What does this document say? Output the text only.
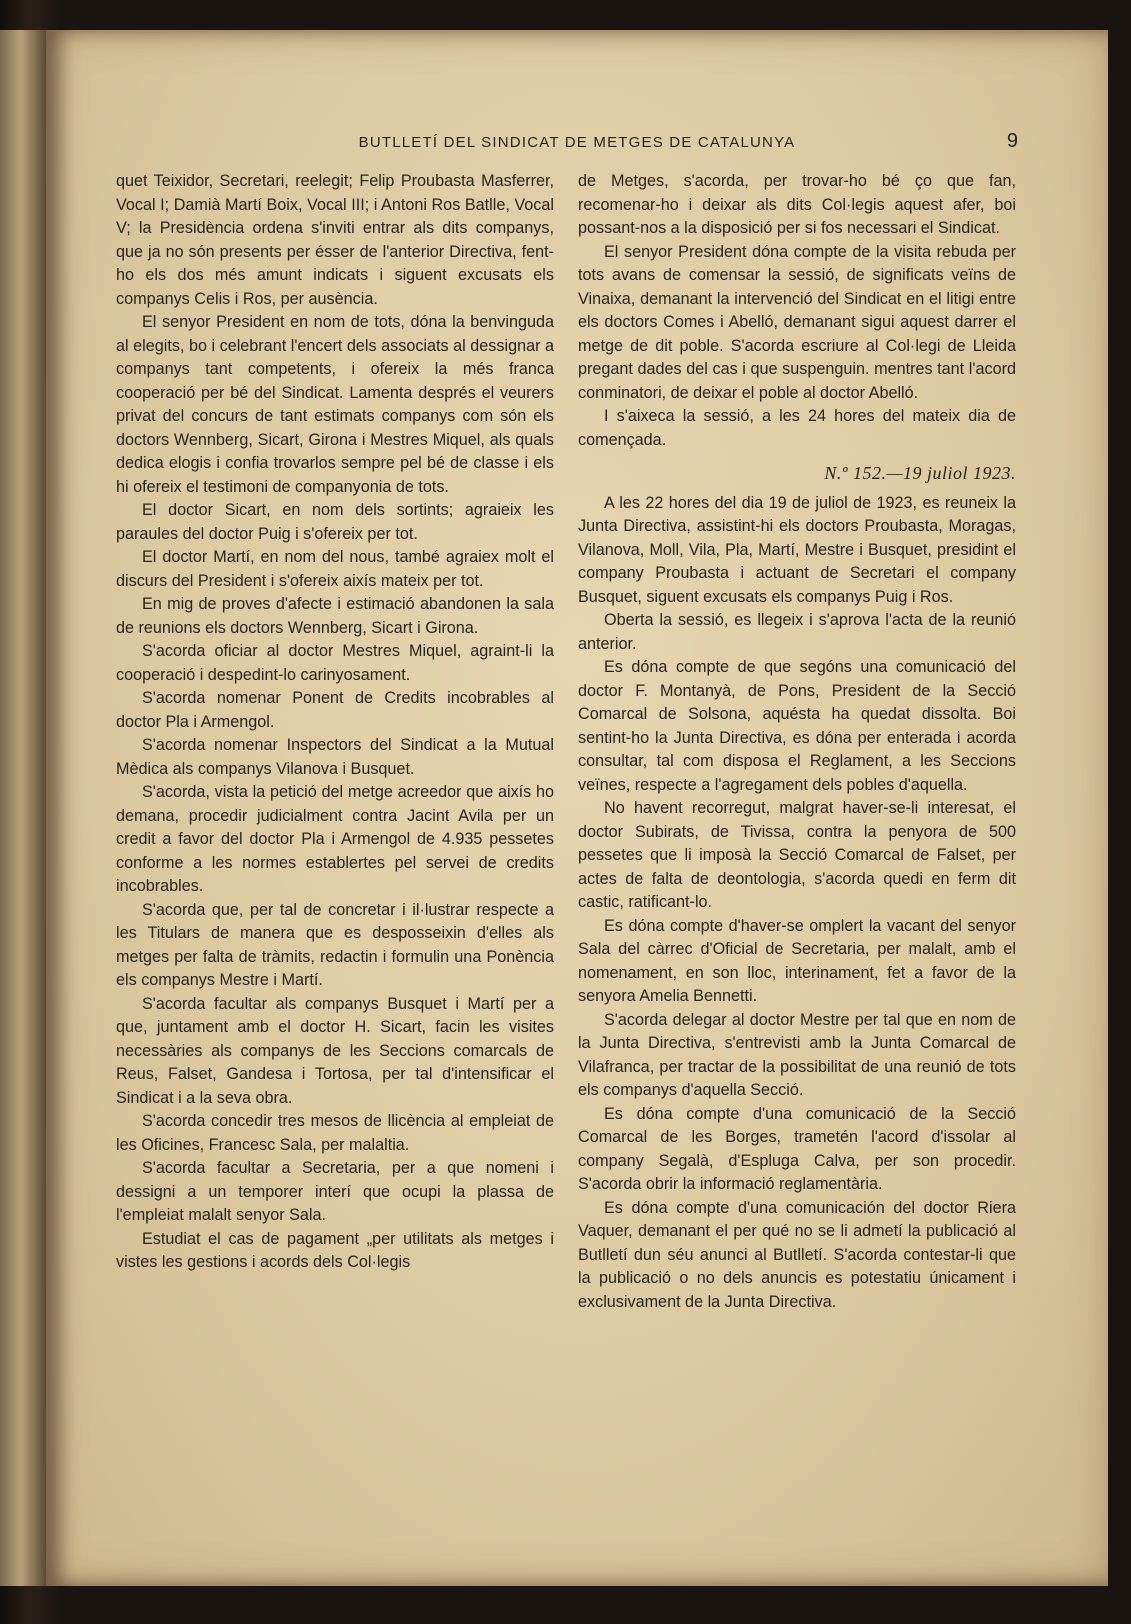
BUTLLETÍ DEL SINDICAT DE METGES DE CATALUNYA	9

quet Teixidor, Secretari, reelegit; Felip Proubasta Masferrer, Vocal I; Damià Martí Boix, Vocal III; i Antoni Ros Batlle, Vocal V; la Presidència ordena s'inviti entrar als dits companys, que ja no són presents per ésser de l'anterior Directiva, fent-ho els dos més amunt indicats i siguent excusats els companys Celis i Ros, per ausència.

El senyor President en nom de tots, dóna la benvinguda al elegits, bo i celebrant l'encert dels associats al dessignar a companys tant competents, i ofereix la més franca cooperació per bé del Sindicat. Lamenta després el veurers privat del concurs de tant estimats companys com són els doctors Wennberg, Sicart, Girona i Mestres Miquel, als quals dedica elogis i confia trovarlos sempre pel bé de classe i els hi ofereix el testimoni de companyonia de tots.

El doctor Sicart, en nom dels sortints; agraieix les paraules del doctor Puig i s'ofereix per tot.

El doctor Martí, en nom del nous, també agraiex molt el discurs del President i s'ofereix aixís mateix per tot.

En mig de proves d'afecte i estimació abandonen la sala de reunions els doctors Wennberg, Sicart i Girona.

S'acorda oficiar al doctor Mestres Miquel, agraint-li la cooperació i despedint-lo carinyosament.

S'acorda nomenar Ponent de Credits incobrables al doctor Pla i Armengol.

S'acorda nomenar Inspectors del Sindicat a la Mutual Mèdica als companys Vilanova i Busquet.

S'acorda, vista la petició del metge acreedor que aixís ho demana, procedir judicialment contra Jacint Avila per un credit a favor del doctor Pla i Armengol de 4.935 pessetes conforme a les normes establertes pel servei de credits incobrables.

S'acorda que, per tal de concretar i il·lustrar respecte a les Titulars de manera que es desposseixin d'elles als metges per falta de tràmits, redactin i formulin una Ponència els companys Mestre i Martí.

S'acorda facultar als companys Busquet i Martí per a que, juntament amb el doctor H. Sicart, facin les visites necessàries als companys de les Seccions comarcals de Reus, Falset, Gandesa i Tortosa, per tal d'intensificar el Sindicat i a la seva obra.

S'acorda concedir tres mesos de llicència al empleiat de les Oficines, Francesc Sala, per malaltia.

S'acorda facultar a Secretaria, per a que nomeni i dessigni a un temporer interí que ocupi la plassa de l'empleiat malalt senyor Sala.

Estudiat el cas de pagament „per utilitats als metges i vistes les gestions i acords dels Col·legis

de Metges, s'acorda, per trovar-ho bé ço que fan, recomenar-ho i deixar als dits Col·legis aquest afer, boi possant-nos a la disposició per si fos necessari el Sindicat.

El senyor President dóna compte de la visita rebuda per tots avans de comensar la sessió, de significats veïns de Vinaixa, demanant la intervenció del Sindicat en el litigi entre els doctors Comes i Abelló, demanant sigui aquest darrer el metge de dit poble. S'acorda escriure al Col·legi de Lleida pregant dades del cas i que suspenguin. mentres tant l'acord conminatori, de deixar el poble al doctor Abelló.

I s'aixeca la sessió, a les 24 hores del mateix dia de començada.

N.º 152.—19 juliol 1923.

A les 22 hores del dia 19 de juliol de 1923, es reuneix la Junta Directiva, assistint-hi els doctors Proubasta, Moragas, Vilanova, Moll, Vila, Pla, Martí, Mestre i Busquet, presidint el company Proubasta i actuant de Secretari el company Busquet, siguent excusats els companys Puig i Ros.

Oberta la sessió, es llegeix i s'aprova l'acta de la reunió anterior.

Es dóna compte de que segóns una comunicació del doctor F. Montanyà, de Pons, President de la Secció Comarcal de Solsona, aquésta ha quedat dissolta. Boi sentint-ho la Junta Directiva, es dóna per enterada i acorda consultar, tal com disposa el Reglament, a les Seccions veïnes, respecte a l'agregament dels pobles d'aquella.

No havent recorregut, malgrat haver-se-li interesat, el doctor Subirats, de Tivissa, contra la penyora de 500 pessetes que li imposà la Secció Comarcal de Falset, per actes de falta de deontologia, s'acorda quedi en ferm dit castic, ratificant-lo.

Es dóna compte d'haver-se omplert la vacant del senyor Sala del càrrec d'Oficial de Secretaria, per malalt, amb el nomenament, en son lloc, interinament, fet a favor de la senyora Amelia Bennetti.

S'acorda delegar al doctor Mestre per tal que en nom de la Junta Directiva, s'entrevisti amb la Junta Comarcal de Vilafranca, per tractar de la possibilitat de una reunió de tots els companys d'aquella Secció.

Es dóna compte d'una comunicació de la Secció Comarcal de les Borges, trametén l'acord d'issolar al company Segalà, d'Espluga Calva, per son procedir. S'acorda obrir la informació reglamentària.

Es dóna compte d'una comunicación del doctor Riera Vaquer, demanant el per qué no se li admetí la publicació al Butlletí dun séu anunci al Butlletí. S'acorda contestar-li que la publicació o no dels anuncis es potestatiu únicament i exclusivament de la Junta Directiva.
